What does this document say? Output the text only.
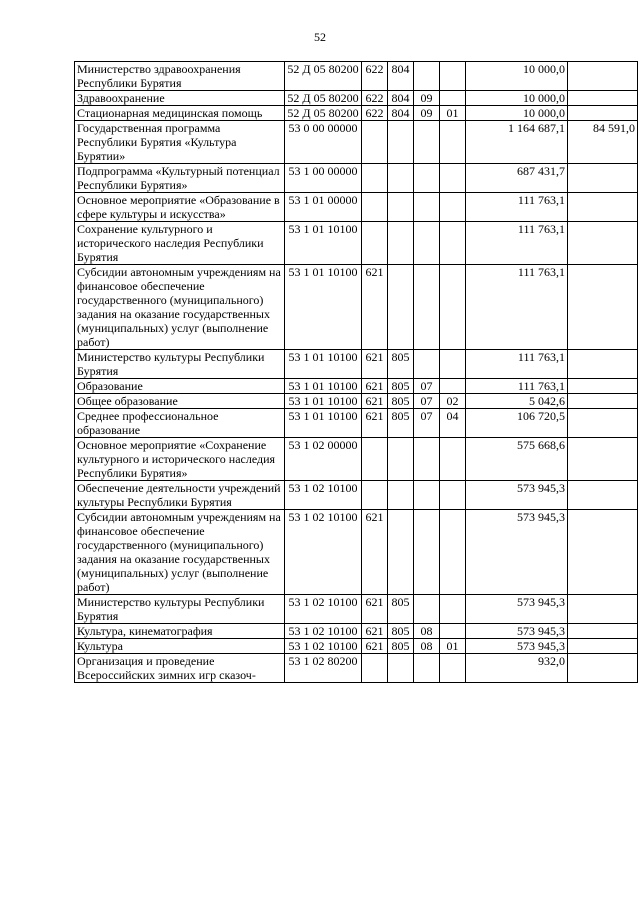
52
Министерство здравоохранения Республики Бурятия	52 Д 05 80200	622	804			10 000,0	
Здравоохранение	52 Д 05 80200	622	804	09		10 000,0	
Стационарная медицинская помощь	52 Д 05 80200	622	804	09	01	10 000,0	
Государственная программа Республики Бурятия «Культура Бурятии»	53 0 00 00000					1 164 687,1	84 591,0
Подпрограмма «Культурный потенциал Республики Бурятия»	53 1 00 00000					687 431,7	
Основное мероприятие «Образование в сфере культуры и искусства»	53 1 01 00000					111 763,1	
Сохранение культурного и исторического наследия Республики Бурятия	53 1 01 10100					111 763,1	
Субсидии автономным учреждениям на финансовое обеспечение государственного (муниципального) задания на оказание государственных (муниципальных) услуг (выполнение работ)	53 1 01 10100	621				111 763,1	
Министерство культуры Республики Бурятия	53 1 01 10100	621	805			111 763,1	
Образование	53 1 01 10100	621	805	07		111 763,1	
Общее образование	53 1 01 10100	621	805	07	02	5 042,6	
Среднее профессиональное образование	53 1 01 10100	621	805	07	04	106 720,5	
Основное мероприятие «Сохранение культурного и исторического наследия Республики Бурятия»	53 1 02 00000					575 668,6	
Обеспечение деятельности учреждений культуры Республики Бурятия	53 1 02 10100					573 945,3	
Субсидии автономным учреждениям на финансовое обеспечение государственного (муниципального) задания на оказание государственных (муниципальных) услуг (выполнение работ)	53 1 02 10100	621				573 945,3	
Министерство культуры Республики Бурятия	53 1 02 10100	621	805			573 945,3	
Культура, кинематография	53 1 02 10100	621	805	08		573 945,3	
Культура	53 1 02 10100	621	805	08	01	573 945,3	
Организация и проведение Всероссийских зимних игр сказоч-	53 1 02 80200					932,0	
